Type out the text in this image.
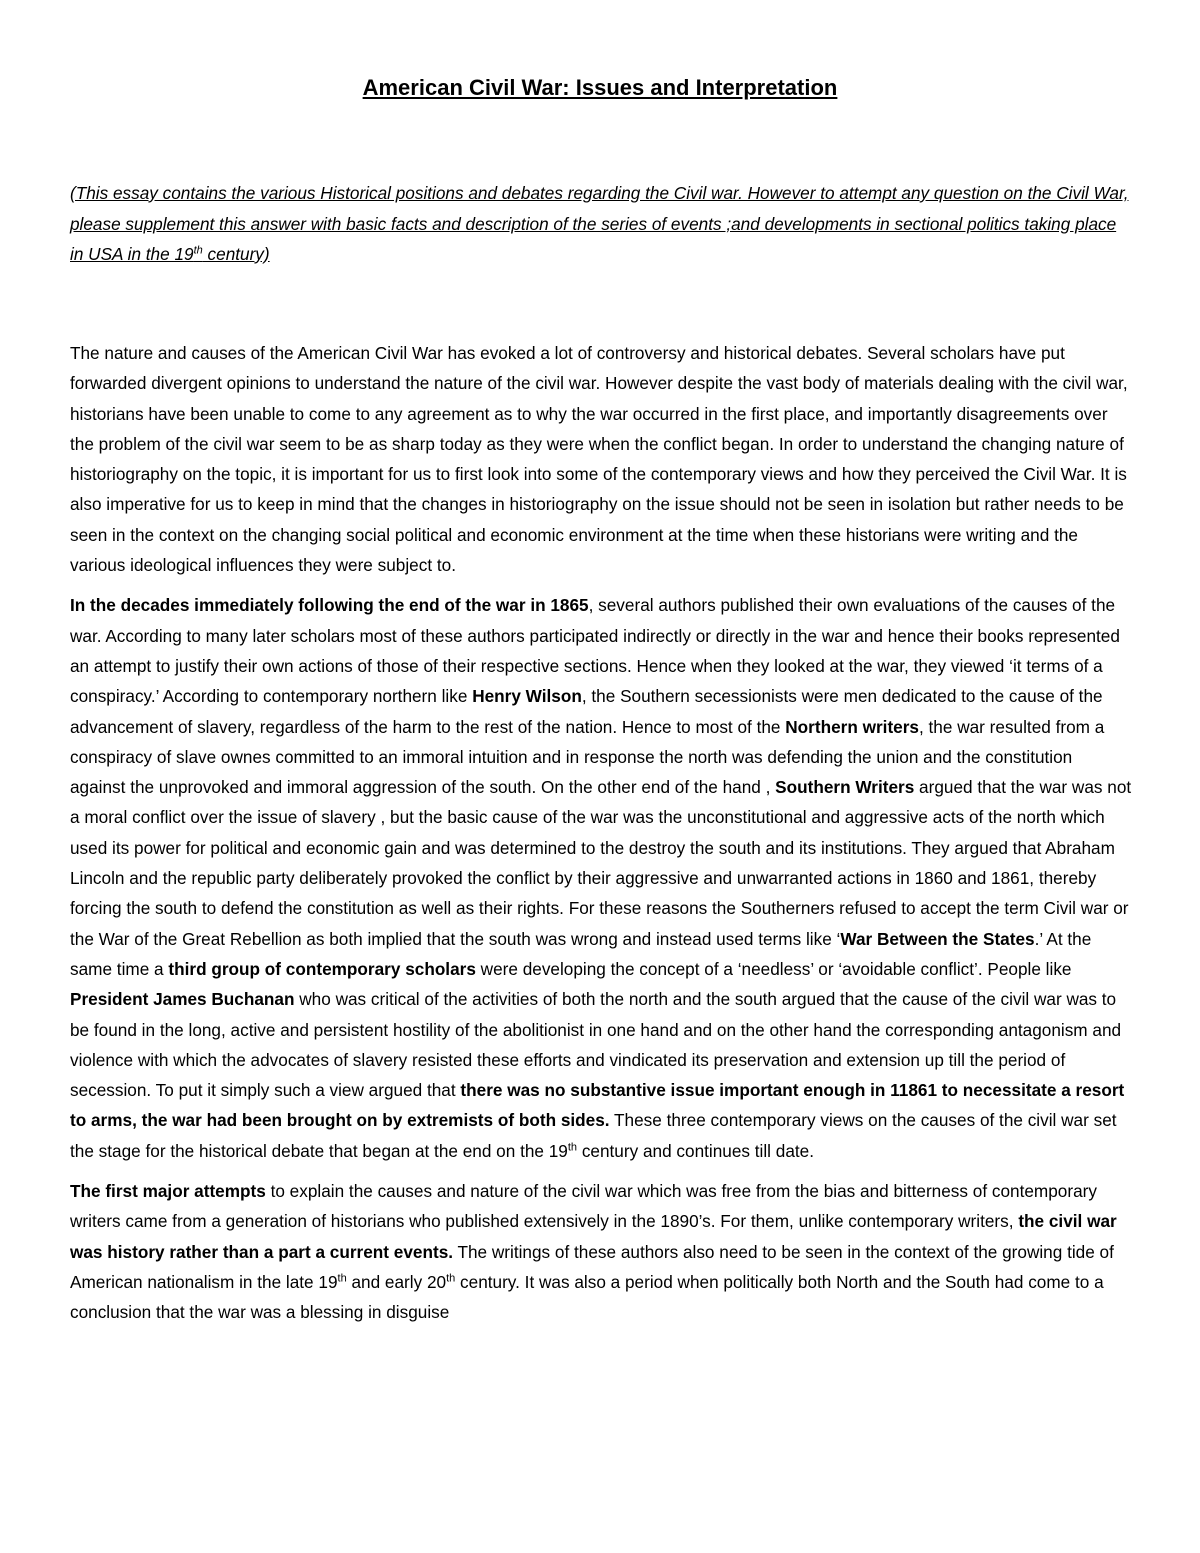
American Civil War: Issues and Interpretation
(This essay contains the various Historical positions and debates regarding the Civil war. However to attempt any question on the Civil War, please supplement this answer with basic facts and description of the series of events ;and developments in sectional politics taking place in USA in the 19th century)

The nature and causes of the American Civil War has evoked a lot of controversy and historical debates. Several scholars have put forwarded divergent opinions to understand the nature of the civil war. However despite the vast body of materials dealing with the civil war, historians have been unable to come to any agreement as to why the war occurred in the first place, and importantly disagreements over the problem of the civil war seem to be as sharp today as they were when the conflict began. In order to understand the changing nature of historiography on the topic, it is important for us to first look into some of the contemporary views and how they perceived the Civil War. It is also imperative for us to keep in mind that the changes in historiography on the issue should not be seen in isolation but rather needs to be seen in the context on the changing social political and economic environment at the time when these historians were writing and the various ideological influences they were subject to.

In the decades immediately following the end of the war in 1865, several authors published their own evaluations of the causes of the war. According to many later scholars most of these authors participated indirectly or directly in the war and hence their books represented an attempt to justify their own actions of those of their respective sections. Hence when they looked at the war, they viewed ‘it terms of a conspiracy.’ According to contemporary northern like Henry Wilson, the Southern secessionists were men dedicated to the cause of the advancement of slavery, regardless of the harm to the rest of the nation. Hence to most of the Northern writers, the war resulted from a conspiracy of slave ownes committed to an immoral intuition and in response the north was defending the union and the constitution against the unprovoked and immoral aggression of the south. On the other end of the hand , Southern Writers argued that the war was not a moral conflict over the issue of slavery , but the basic cause of the war was the unconstitutional and aggressive acts of the north which used its power for political and economic gain and was determined to the destroy the south and its institutions. They argued that Abraham Lincoln and the republic party deliberately provoked the conflict by their aggressive and unwarranted actions in 1860 and 1861, thereby forcing the south to defend the constitution as well as their rights. For these reasons the Southerners refused to accept the term Civil war or the War of the Great Rebellion as both implied that the south was wrong and instead used terms like ‘War Between the States.’ At the same time a third group of contemporary scholars were developing the concept of a ‘needless’ or ‘avoidable conflict’. People like President James Buchanan who was critical of the activities of both the north and the south argued that the cause of the civil war was to be found in the long, active and persistent hostility of the abolitionist in one hand and on the other hand the corresponding antagonism and violence with which the advocates of slavery resisted these efforts and vindicated its preservation and extension up till the period of secession. To put it simply such a view argued that there was no substantive issue important enough in 11861 to necessitate a resort to arms, the war had been brought on by extremists of both sides. These three contemporary views on the causes of the civil war set the stage for the historical debate that began at the end on the 19th century and continues till date.

The first major attempts to explain the causes and nature of the civil war which was free from the bias and bitterness of contemporary writers came from a generation of historians who published extensively in the 1890’s. For them, unlike contemporary writers, the civil war was history rather than a part a current events. The writings of these authors also need to be seen in the context of the growing tide of American nationalism in the late 19th and early 20th century. It was also a period when politically both North and the South had come to a conclusion that the war was a blessing in disguise
